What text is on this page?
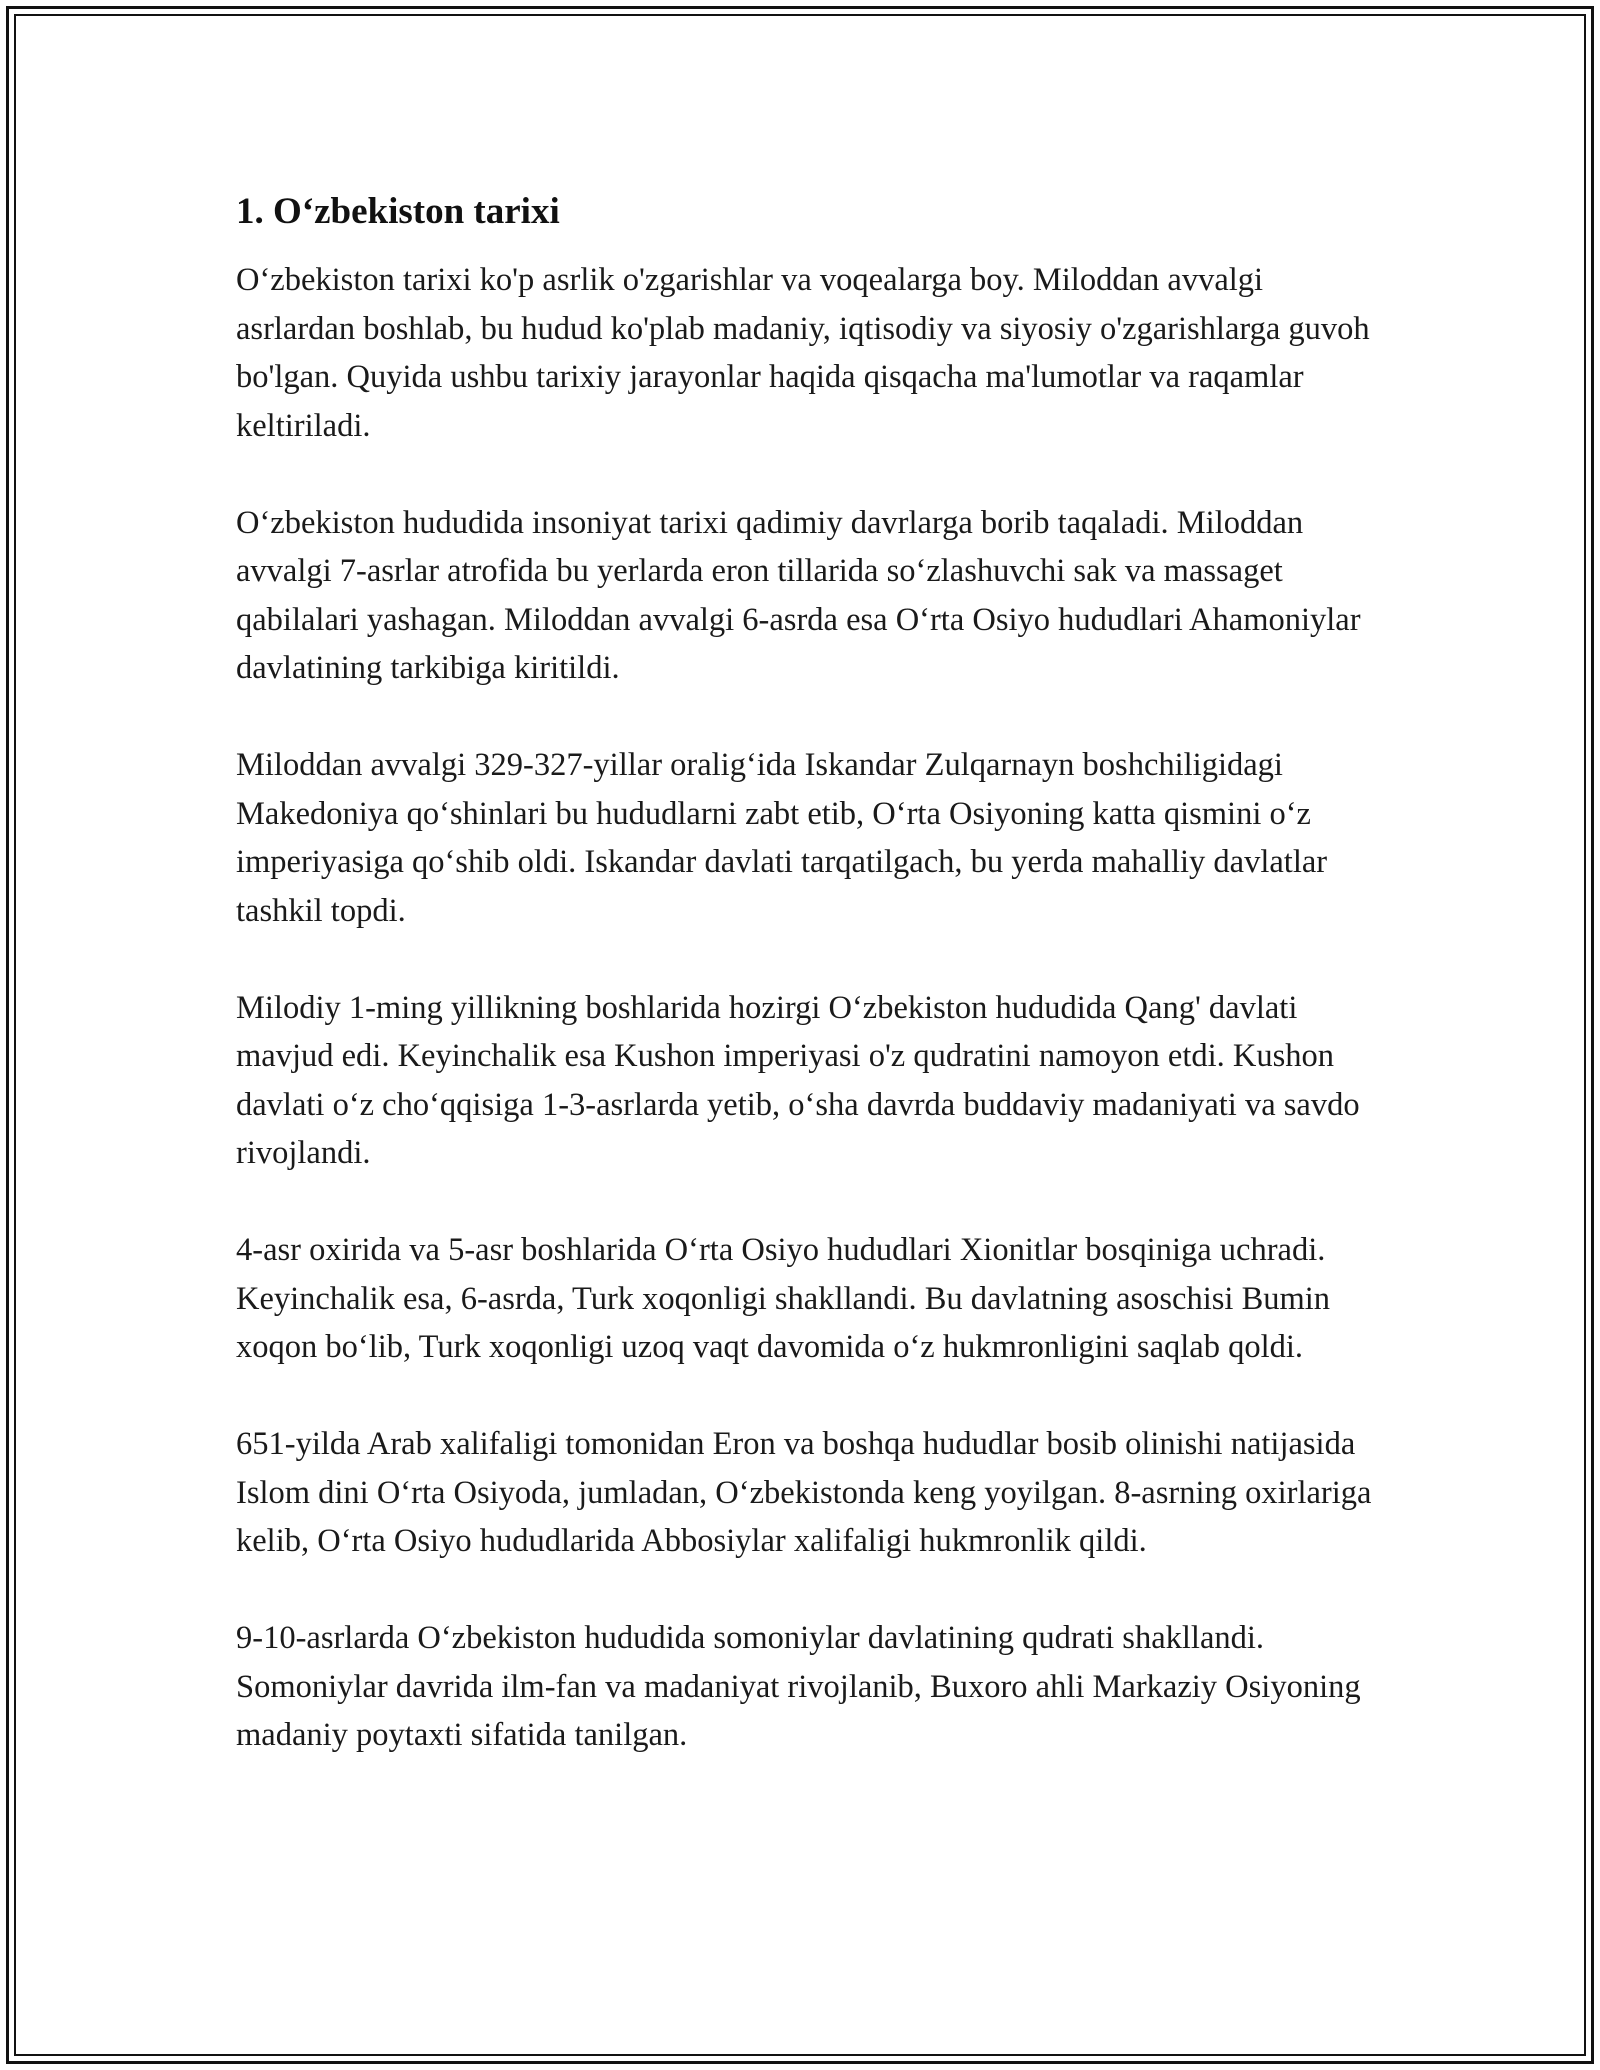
1. O‘zbekiston tarixi

O‘zbekiston tarixi ko'p asrlik o'zgarishlar va voqealarga boy. Miloddan avvalgi asrlardan boshlab, bu hudud ko'plab madaniy, iqtisodiy va siyosiy o'zgarishlarga guvoh bo'lgan. Quyida ushbu tarixiy jarayonlar haqida qisqacha ma'lumotlar va raqamlar keltiriladi.

O‘zbekiston hududida insoniyat tarixi qadimiy davrlarga borib taqaladi. Miloddan avvalgi 7-asrlar atrofida bu yerlarda eron tillarida so‘zlashuvchi sak va massaget qabilalari yashagan. Miloddan avvalgi 6-asrda esa O‘rta Osiyo hududlari Ahamoniylar davlatining tarkibiga kiritildi.

Miloddan avvalgi 329-327-yillar oralig‘ida Iskandar Zulqarnayn boshchiligidagi Makedoniya qo‘shinlari bu hududlarni zabt etib, O‘rta Osiyoning katta qismini o‘z imperiyasiga qo‘shib oldi. Iskandar davlati tarqatilgach, bu yerda mahalliy davlatlar tashkil topdi.

Milodiy 1-ming yillikning boshlarida hozirgi O‘zbekiston hududida Qang' davlati mavjud edi. Keyinchalik esa Kushon imperiyasi o'z qudratini namoyon etdi. Kushon davlati o‘z cho‘qqisiga 1-3-asrlarda yetib, o‘sha davrda buddaviy madaniyati va savdo rivojlandi.

4-asr oxirida va 5-asr boshlarida O‘rta Osiyo hududlari Xionitlar bosqiniga uchradi. Keyinchalik esa, 6-asrda, Turk xoqonligi shakllandi. Bu davlatning asoschisi Bumin xoqon bo‘lib, Turk xoqonligi uzoq vaqt davomida o‘z hukmronligini saqlab qoldi.

651-yilda Arab xalifaligi tomonidan Eron va boshqa hududlar bosib olinishi natijasida Islom dini O‘rta Osiyoda, jumladan, O‘zbekistonda keng yoyilgan. 8-asrning oxirlariga kelib, O‘rta Osiyo hududlarida Abbosiylar xalifaligi hukmronlik qildi.

9-10-asrlarda O‘zbekiston hududida somoniylar davlatining qudrati shakllandi. Somoniylar davrida ilm-fan va madaniyat rivojlanib, Buxoro ahli Markaziy Osiyoning madaniy poytaxti sifatida tanilgan.
